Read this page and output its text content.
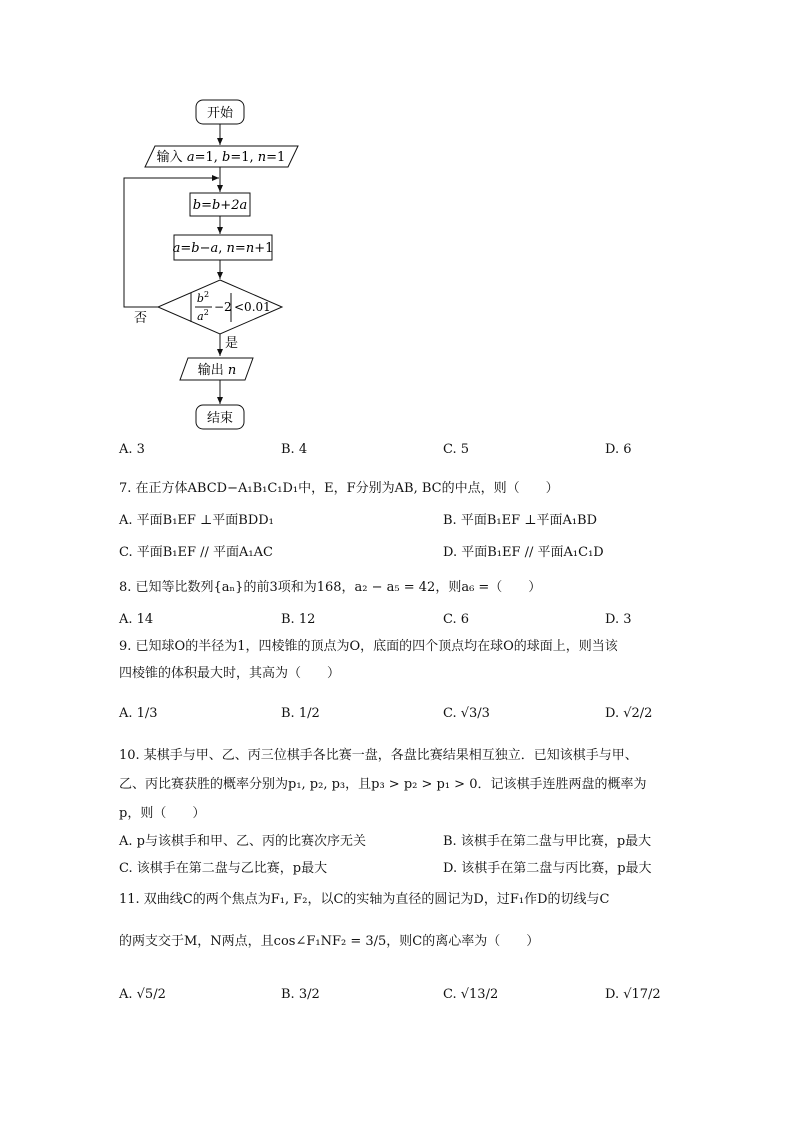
开始
输入 a=1, b=1, n=1
b=b+2a
a=b−a, n=n+1
$b^2$
$a^2 -2 <0.01$
否
是
输出 n
结束
A. 3	B. 4	C. 5	D. 6
7. 在正方体ABCD−A₁B₁C₁D₁中，E，F分别为AB, BC的中点，则（　　）
A. 平面B₁EF ⊥平面BDD₁	B. 平面B₁EF ⊥平面A₁BD
C. 平面B₁EF // 平面A₁AC	D. 平面B₁EF // 平面A₁C₁D
8. 已知等比数列{aₙ}的前3项和为168，a₂ − a₅ = 42，则a₆ =（　　）
A. 14	B. 12	C. 6	D. 3
9. 已知球O的半径为1，四棱锥的顶点为O，底面的四个顶点均在球O的球面上，则当该
四棱锥的体积最大时，其高为（　　）
A. 1/3	B. 1/2	C. √3/3	D. √2/2
10. 某棋手与甲、乙、丙三位棋手各比赛一盘，各盘比赛结果相互独立．已知该棋手与甲、
乙、丙比赛获胜的概率分别为p₁, p₂, p₃，且p₃ > p₂ > p₁ > 0．记该棋手连胜两盘的概率为
p，则（　　）
A. p与该棋手和甲、乙、丙的比赛次序无关	B. 该棋手在第二盘与甲比赛，p最大
C. 该棋手在第二盘与乙比赛，p最大	D. 该棋手在第二盘与丙比赛，p最大
11. 双曲线C的两个焦点为F₁, F₂，以C的实轴为直径的圆记为D，过F₁作D的切线与C
的两支交于M，N两点，且cos∠F₁NF₂ = 3/5，则C的离心率为（　　）
A. √5/2	B. 3/2	C. √13/2	D. √17/2
